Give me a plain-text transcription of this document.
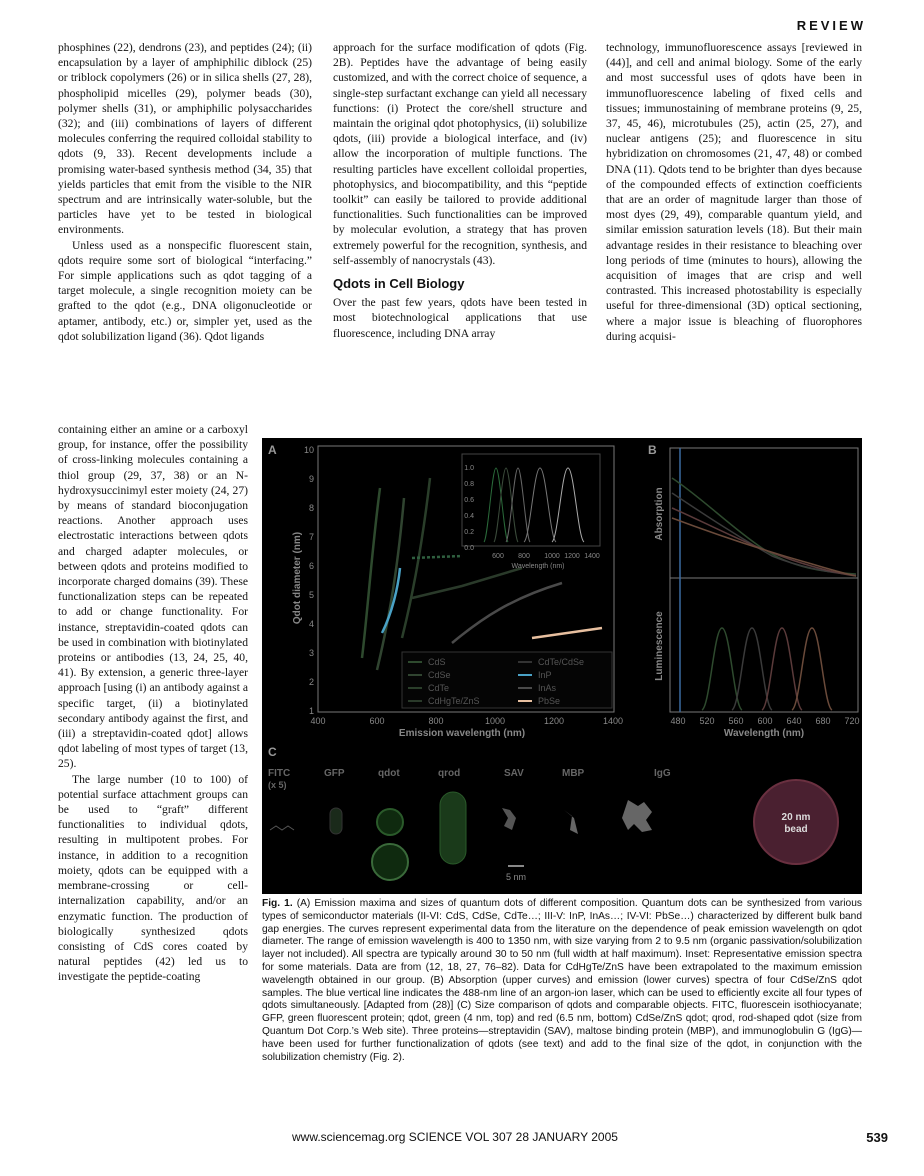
REVIEW

phosphines (22), dendrons (23), and peptides (24); (ii) encapsulation by a layer of amphiphilic diblock (25) or triblock copolymers (26) or in silica shells (27, 28), phospholipid micelles (29), polymer beads (30), polymer shells (31), or amphiphilic polysaccharides (32); and (iii) combinations of layers of different molecules conferring the required colloidal stability to qdots (9, 33). Recent developments include a promising water-based synthesis method (34, 35) that yields particles that emit from the visible to the NIR spectrum and are intrinsically water-soluble, but the particles have yet to be tested in biological environments.

Unless used as a nonspecific fluorescent stain, qdots require some sort of biological “interfacing.” For simple applications such as qdot tagging of a target molecule, a single recognition moiety can be grafted to the qdot (e.g., DNA oligonucleotide or aptamer, antibody, etc.) or, simpler yet, used as the qdot solubilization ligand (36). Qdot ligands

containing either an amine or a carboxyl group, for instance, offer the possibility of cross-linking molecules containing a thiol group (29, 37, 38) or an N-hydroxysuccinimyl ester moiety (24, 27) by means of standard bioconjugation reactions. Another approach uses electrostatic interactions between qdots and charged adapter molecules, or between qdots and proteins modified to incorporate charged domains (39). These functionalization steps can be repeated to add or change functionality. For instance, streptavidin-coated qdots can be used in combination with biotinylated proteins or antibodies (13, 24, 25, 40, 41). By extension, a generic three-layer approach [using (i) an antibody against a specific target, (ii) a biotinylated secondary antibody against the first, and (iii) a streptavidin-coated qdot] allows qdot labeling of most types of target (13, 25).

The large number (10 to 100) of potential surface attachment groups can be used to “graft” different functionalities to individual qdots, resulting in multipotent probes. For instance, in addition to a recognition moiety, qdots can be equipped with a membrane-crossing or cell-internalization capability, and/or an enzymatic function. The production of biologically synthesized qdots consisting of CdS cores coated by natural peptides (42) led us to investigate the peptide-coating

approach for the surface modification of qdots (Fig. 2B). Peptides have the advantage of being easily customized, and with the correct choice of sequence, a single-step surfactant exchange can yield all necessary functions: (i) Protect the core/shell structure and maintain the original qdot photophysics, (ii) solubilize qdots, (iii) provide a biological interface, and (iv) allow the incorporation of multiple functions. The resulting particles have excellent colloidal properties, photophysics, and biocompatibility, and this “peptide toolkit” can easily be tailored to provide additional functionalities. Such functionalities can be improved by molecular evolution, a strategy that has proven extremely powerful for the recognition, synthesis, and self-assembly of nanocrystals (43).

Qdots in Cell Biology

Over the past few years, qdots have been tested in most biotechnological applications that use fluorescence, including DNA array

technology, immunofluorescence assays [reviewed in (44)], and cell and animal biology. Some of the early and most successful uses of qdots have been in immunofluorescence labeling of fixed cells and tissues; immunostaining of membrane proteins (9, 25, 37, 45, 46), microtubules (25), actin (25, 27), and nuclear antigens (25); and fluorescence in situ hybridization on chromosomes (21, 47, 48) or combed DNA (11). Qdots tend to be brighter than dyes because of the compounded effects of extinction coefficients that are an order of magnitude larger than those of most dyes (29, 49), comparable quantum yield, and similar emission saturation levels (18). But their main advantage resides in their resistance to bleaching over long periods of time (minutes to hours), allowing the acquisition of images that are crisp and well contrasted. This increased photostability is especially useful for three-dimensional (3D) optical sectioning, where a major issue is bleaching of fluorophores during acquisi-

A
1
2
3
4
5
6
7
8
9
10
400	600	800	1000	1200	1400
Emission wavelength (nm)
Qdot diameter (nm)
CdS
CdSe
CdTe
CdHgTe/ZnS
CdTe/CdSe
InP
InAs
PbSe
0.0
0.2
0.4
0.6
0.8
1.0
600 800 1000 1200 1400
Wavelength (nm)
B
Absorption
Luminescence
480 520 560 600 640 680 720
Wavelength (nm)
C
FITC	GFP	qdot	qrod	SAV	MBP	IgG
(x 5)
5 nm
20 nm
bead
Fig. 1. (A) Emission maxima and sizes of quantum dots of different composition. Quantum dots can be synthesized from various types of semiconductor materials (II-VI: CdS, CdSe, CdTe…; III-V: InP, InAs…; IV-VI: PbSe…) characterized by different bulk band gap energies. The curves represent experimental data from the literature on the dependence of peak emission wavelength on qdot diameter. The range of emission wavelength is 400 to 1350 nm, with size varying from 2 to 9.5 nm (organic passivation/solubilization layer not included). All spectra are typically around 30 to 50 nm (full width at half maximum). Inset: Representative emission spectra for some materials. Data are from (12, 18, 27, 76–82). Data for CdHgTe/ZnS have been extrapolated to the maximum emission wavelength obtained in our group. (B) Absorption (upper curves) and emission (lower curves) spectra of four CdSe/ZnS qdot samples. The blue vertical line indicates the 488-nm line of an argon-ion laser, which can be used to efficiently excite all four types of qdots simultaneously. [Adapted from (28)] (C) Size comparison of qdots and comparable objects. FITC, fluorescein isothiocyanate; GFP, green fluorescent protein; qdot, green (4 nm, top) and red (6.5 nm, bottom) CdSe/ZnS qdot; qrod, rod-shaped qdot (size from Quantum Dot Corp.’s Web site). Three proteins—streptavidin (SAV), maltose binding protein (MBP), and immunoglobulin G (IgG)—have been used for further functionalization of qdots (see text) and add to the final size of the qdot, in conjunction with the solubilization chemistry (Fig. 2).
www.sciencemag.org SCIENCE VOL 307 28 JANUARY 2005	539
